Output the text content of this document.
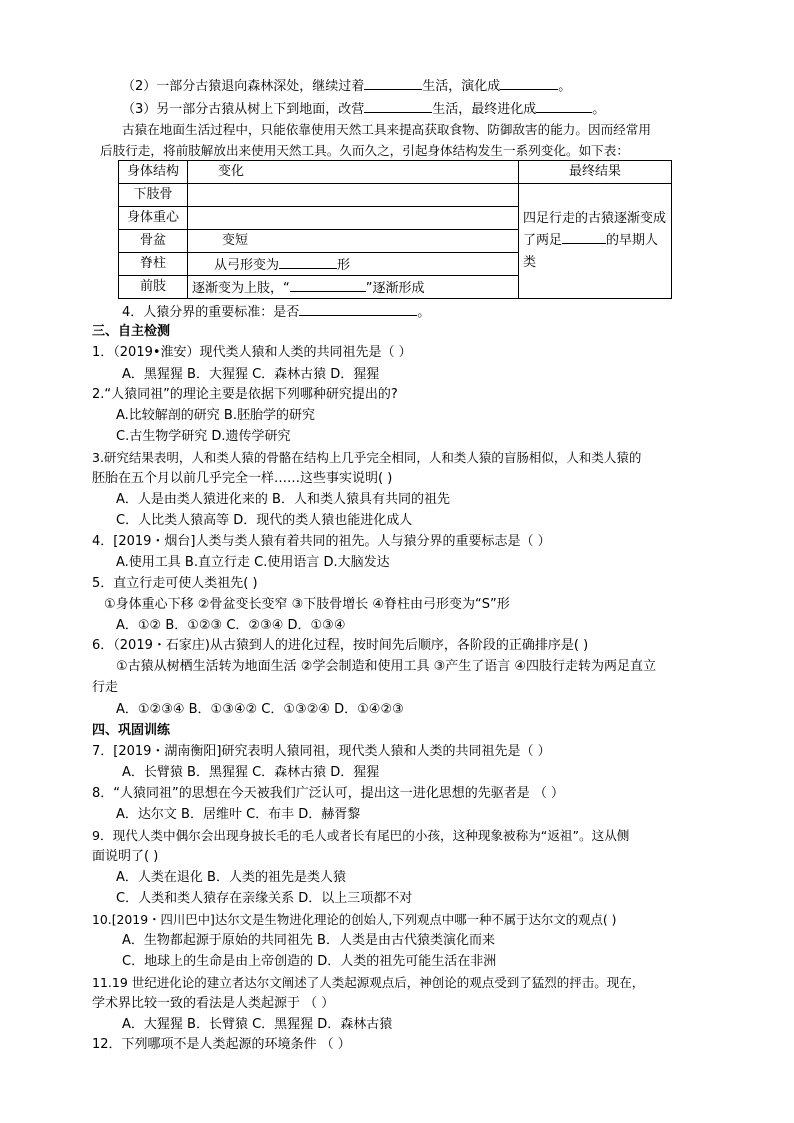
（2）一部分古猿退向森林深处，继续过着	生活，演化成	。
（3）另一部分古猿从树上下到地面，改营	生活，最终进化成	。
古猿在地面生活过程中，只能依靠使用天然工具来提高获取食物、防御敌害的能力。因而经常用
后肢行走，将前肢解放出来使用天然工具。久而久之，引起身体结构发生一系列变化。如下表：
身体结构	变化	最终结果
下肢骨		四足行走的古猿逐渐变成了两足 的早期人类
身体重心		
骨盆	变短	
脊柱	从弓形变为 形	
前肢	逐渐变为上肢，“ ”逐渐形成	
4．人猿分界的重要标准：是否	。
三、自主检测
1．（2019•淮安）现代类人猿和人类的共同祖先是（ ）
A．黑猩猩 B．大猩猩 C．森林古猿 D．猩猩
2.“人猿同祖”的理论主要是依据下列哪种研究提出的?
A.比较解剖的研究 B.胚胎学的研究
C.古生物学研究 D.遗传学研究
3.研究结果表明，人和类人猿的骨骼在结构上几乎完全相同，人和类人猿的盲肠相似，人和类人猿的
胚胎在五个月以前几乎完全一样……这些事实说明( )
A．人是由类人猿进化来的 B．人和类人猿具有共同的祖先
C．人比类人猿高等 D．现代的类人猿也能进化成人
4．[2019・烟台]人类与类人猿有着共同的祖先。人与猿分界的重要标志是（ ）
A.使用工具 B.直立行走 C.使用语言 D.大脑发达
5．直立行走可使人类祖先( )
①身体重心下移 ②骨盆变长变窄 ③下肢骨增长 ④脊柱由弓形变为“S”形
A．①② B．①②③ C．②③④ D．①③④
6．（2019・石家庄)从古猿到人的进化过程，按时间先后顺序，各阶段的正确排序是( )
①古猿从树栖生活转为地面生活 ②学会制造和使用工具 ③产生了语言 ④四肢行走转为两足直立
行走
A．①②③④ B．①③④② C．①③②④ D．①④②③
四、巩固训练
7．[2019・湖南衡阳]研究表明人猿同祖，现代类人猿和人类的共同祖先是（ ）
A．长臂猿 B．黑猩猩 C．森林古猿 D．猩猩
8．“人猿同祖”的思想在今天被我们广泛认可，提出这一进化思想的先驱者是 （ ）
A．达尔文 B．居维叶 C．布丰 D．赫胥黎
9．现代人类中偶尔会出现身披长毛的毛人或者长有尾巴的小孩，这种现象被称为“返祖”。这从侧
面说明了( )
A．人类在退化 B．人类的祖先是类人猿
C．人类和类人猿存在亲缘关系 D．以上三项都不对
10.[2019・四川巴中]达尔文是生物进化理论的创始人,下列观点中哪一种不属于达尔文的观点( )
A．生物都起源于原始的共同祖先 B．人类是由古代猿类演化而来
C．地球上的生命是由上帝创造的 D．人类的祖先可能生活在非洲
11.19 世纪进化论的建立者达尔文阐述了人类起源观点后，神创论的观点受到了猛烈的抨击。现在，
学术界比较一致的看法是人类起源于 （ ）
A．大猩猩 B．长臂猿 C．黑猩猩 D．森林古猿
12．下列哪项不是人类起源的环境条件 （ ）
